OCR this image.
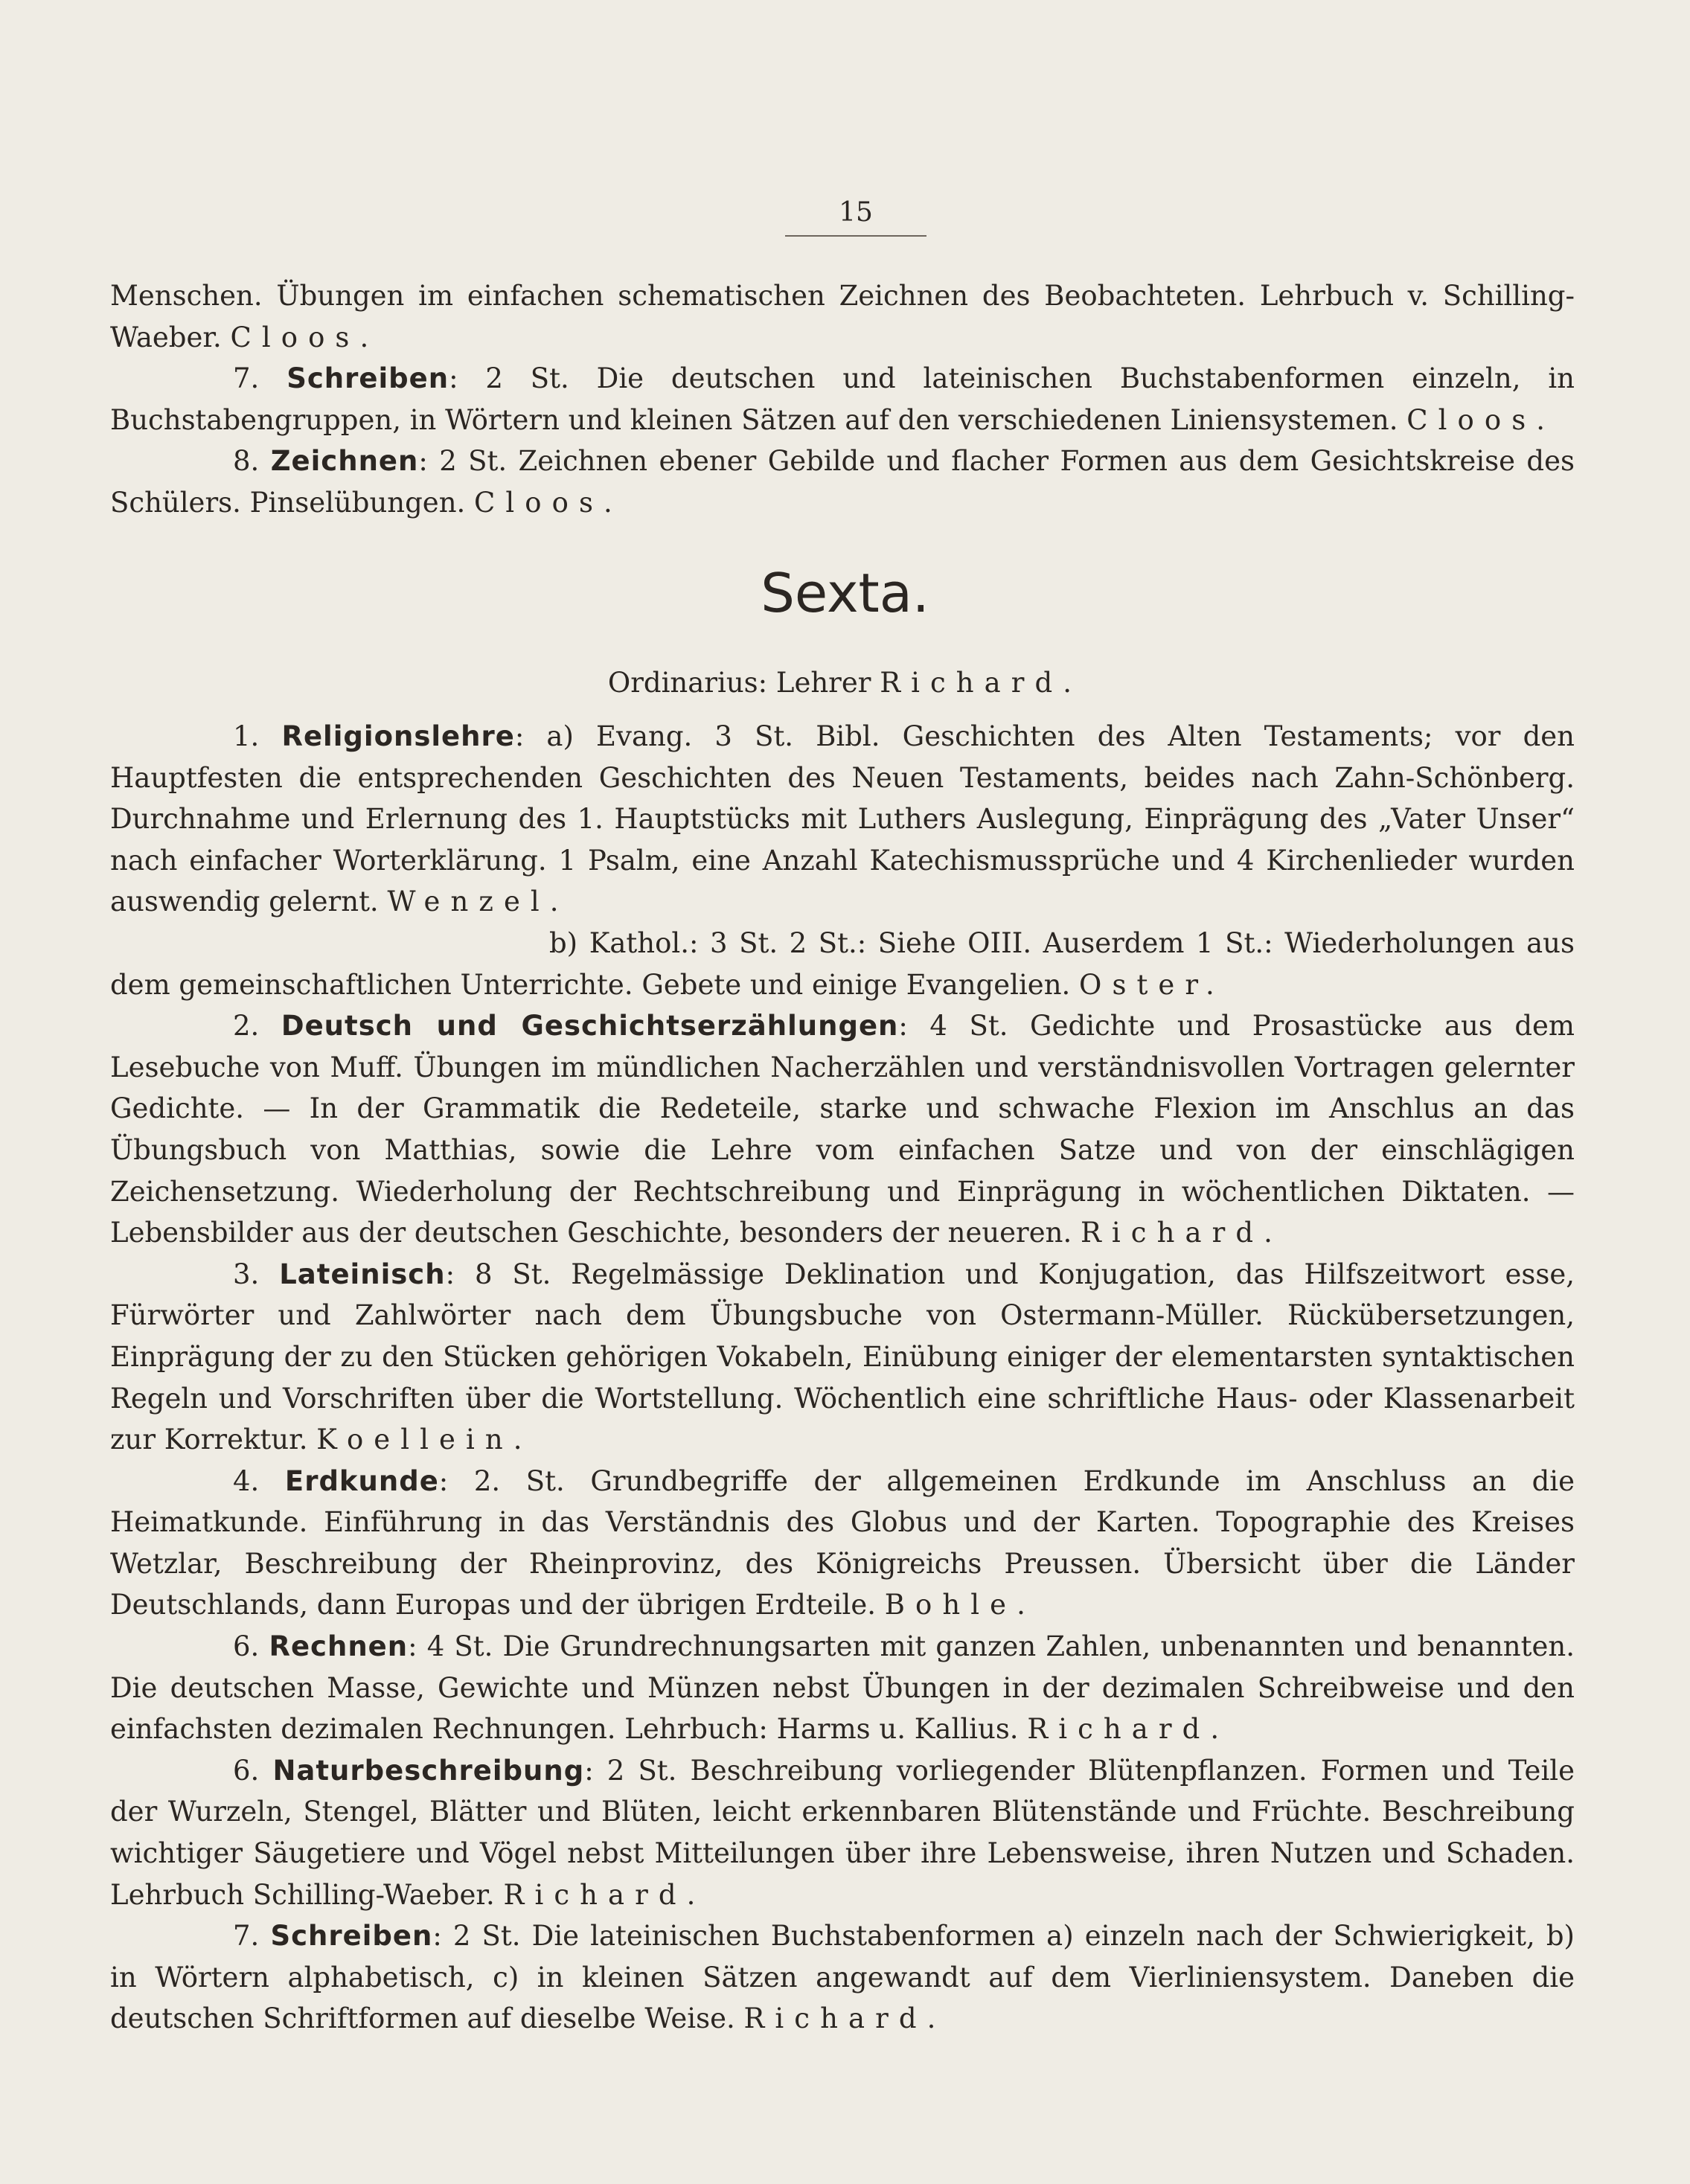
15

Menschen. Übungen im einfachen schematischen Zeichnen des Beobachteten. Lehrbuch v. Schilling-Waeber. Cloos.

7. Schreiben: 2 St. Die deutschen und lateinischen Buchstabenformen einzeln, in Buchstabengruppen, in Wörtern und kleinen Sätzen auf den verschiedenen Liniensystemen. Cloos.

8. Zeichnen: 2 St. Zeichnen ebener Gebilde und flacher Formen aus dem Gesichtskreise des Schülers. Pinselübungen. Cloos.

Sexta.
Ordinarius: Lehrer Richard.

1. Religionslehre: a) Evang. 3 St. Bibl. Geschichten des Alten Testaments; vor den Hauptfesten die entsprechenden Geschichten des Neuen Testaments, beides nach Zahn-Schönberg. Durchnahme und Erlernung des 1. Hauptstücks mit Luthers Auslegung, Einprägung des „Vater Unser“ nach einfacher Worterklärung. 1 Psalm, eine Anzahl Katechismussprüche und 4 Kirchenlieder wurden auswendig gelernt. Wenzel.

b) Kathol.: 3 St. 2 St.: Siehe OIII. Auserdem 1 St.: Wiederholungen aus dem gemeinschaftlichen Unterrichte. Gebete und einige Evangelien. Oster.

2. Deutsch und Geschichtserzählungen: 4 St. Gedichte und Prosastücke aus dem Lesebuche von Muff. Übungen im mündlichen Nacherzählen und verständnisvollen Vortragen gelernter Gedichte. — In der Grammatik die Redeteile, starke und schwache Flexion im Anschlus an das Übungsbuch von Matthias, sowie die Lehre vom einfachen Satze und von der einschlägigen Zeichensetzung. Wiederholung der Rechtschreibung und Einprägung in wöchentlichen Diktaten. — Lebensbilder aus der deutschen Geschichte, besonders der neueren. Richard.

3. Lateinisch: 8 St. Regelmässige Deklination und Konjugation, das Hilfszeitwort esse, Fürwörter und Zahlwörter nach dem Übungsbuche von Ostermann-Müller. Rückübersetzungen, Einprägung der zu den Stücken gehörigen Vokabeln, Einübung einiger der elementarsten syntaktischen Regeln und Vorschriften über die Wortstellung. Wöchentlich eine schriftliche Haus- oder Klassenarbeit zur Korrektur. Koellein.

4. Erdkunde: 2. St. Grundbegriffe der allgemeinen Erdkunde im Anschluss an die Heimatkunde. Einführung in das Verständnis des Globus und der Karten. Topographie des Kreises Wetzlar, Beschreibung der Rheinprovinz, des Königreichs Preussen. Übersicht über die Länder Deutschlands, dann Europas und der übrigen Erdteile. Bohle.

6. Rechnen: 4 St. Die Grundrechnungsarten mit ganzen Zahlen, unbenannten und benannten. Die deutschen Masse, Gewichte und Münzen nebst Übungen in der dezimalen Schreibweise und den einfachsten dezimalen Rechnungen. Lehrbuch: Harms u. Kallius. Richard.

6. Naturbeschreibung: 2 St. Beschreibung vorliegender Blütenpflanzen. Formen und Teile der Wurzeln, Stengel, Blätter und Blüten, leicht erkennbaren Blütenstände und Früchte. Beschreibung wichtiger Säugetiere und Vögel nebst Mitteilungen über ihre Lebensweise, ihren Nutzen und Schaden. Lehrbuch Schilling-Waeber. Richard.

7. Schreiben: 2 St. Die lateinischen Buchstabenformen a) einzeln nach der Schwierigkeit, b) in Wörtern alphabetisch, c) in kleinen Sätzen angewandt auf dem Vierliniensystem. Daneben die deutschen Schriftformen auf dieselbe Weise. Richard.
